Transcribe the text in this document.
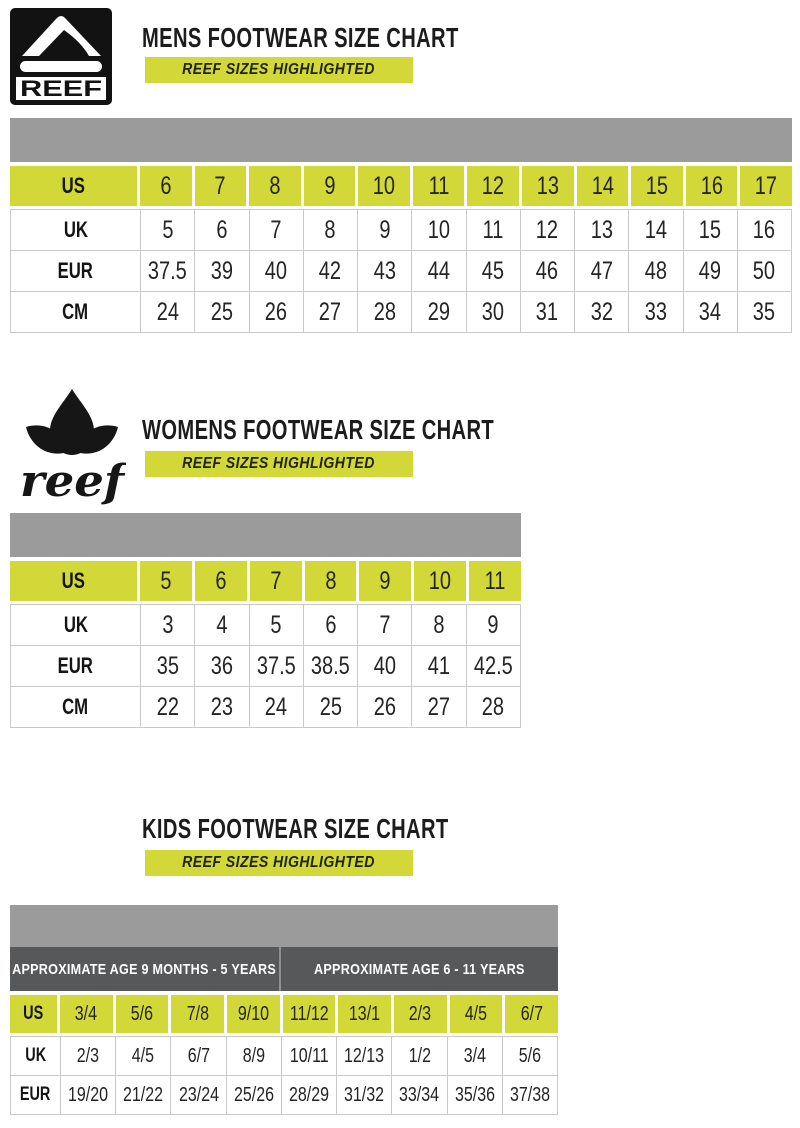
REEF
MENS FOOTWEAR SIZE CHART
REEF SIZES HIGHLIGHTED
US	6 7 8 9 10 11 12 13 14 15 16 17
UK	5 6 7 8 9 10 11 12 13 14 15 16
EUR 37.5 39 40 42 43 44 45 46 47 48 49 50
CM	24 25 26 27 28 29 30 31 32 33 34 35
reef
WOMENS FOOTWEAR SIZE CHART
REEF SIZES HIGHLIGHTED
US	5 6 7 8 9 10 11
UK	3 4 5 6 7 8 9
EUR	35 36 37.5 38.5 40 41 42.5
CM	22 23 24 25 26 27 28
KIDS FOOTWEAR SIZE CHART
REEF SIZES HIGHLIGHTED
APPROXIMATE AGE 9 MONTHS - 5 YEARS	APPROXIMATE AGE 6 - 11 YEARS
US 3/4 5/6 7/8 9/10 11/12 13/1 2/3 4/5 6/7
UK 2/3 4/5 6/7 8/9 10/11 12/13 1/2 3/4 5/6
EUR 19/20 21/22 23/24 25/26 28/29 31/32 33/34 35/36 37/38
